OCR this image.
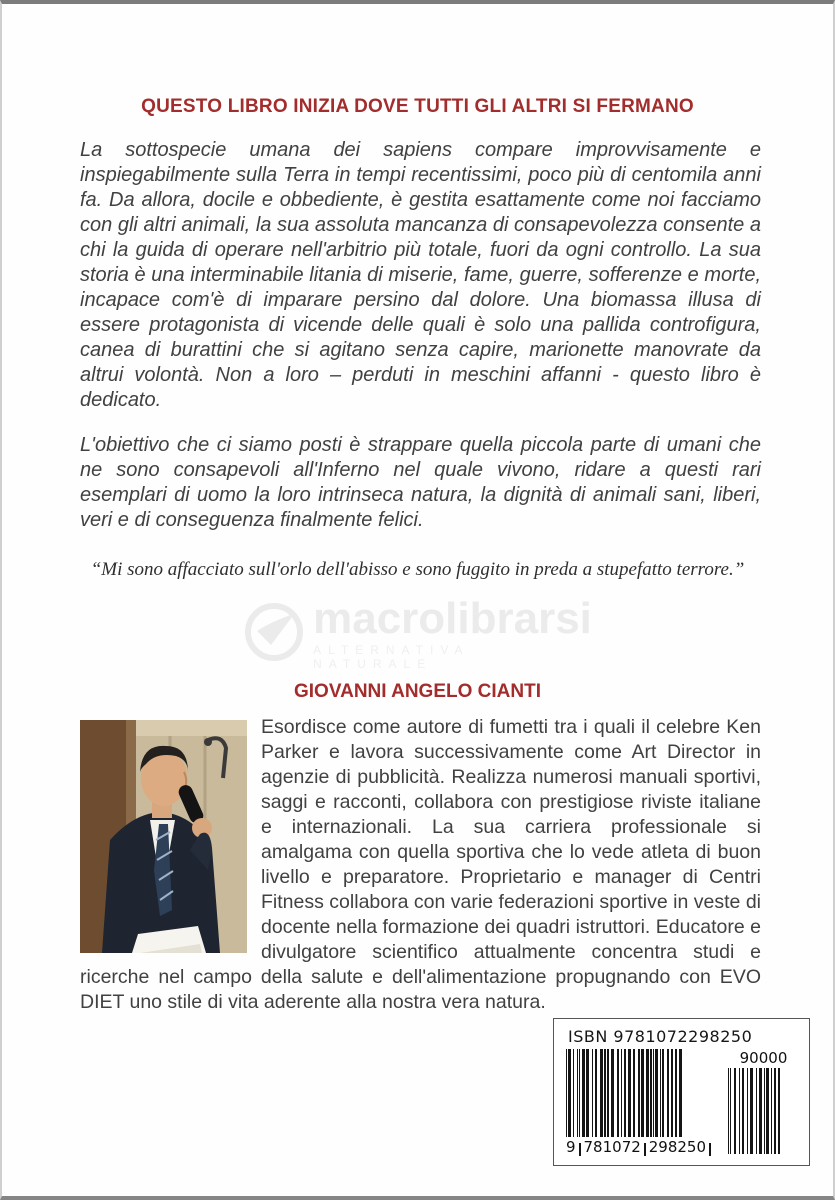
QUESTO LIBRO INIZIA DOVE TUTTI GLI ALTRI SI FERMANO

La sottospecie umana dei sapiens compare improvvisamente e inspiegabilmente sulla Terra in tempi recentissimi, poco più di centomila anni fa. Da allora, docile e obbediente, è gestita esattamente come noi facciamo con gli altri animali, la sua assoluta mancanza di consapevolezza consente a chi la guida di operare nell'arbitrio più totale, fuori da ogni controllo. La sua storia è una interminabile litania di miserie, fame, guerre, sofferenze e morte, incapace com'è di imparare persino dal dolore. Una biomassa illusa di essere protagonista di vicende delle quali è solo una pallida controfigura, canea di burattini che si agitano senza capire, marionette manovrate da altrui volontà. Non a loro – perduti in meschini affanni - questo libro è dedicato.

L'obiettivo che ci siamo posti è strappare quella piccola parte di umani che ne sono consapevoli all'Inferno nel quale vivono, ridare a questi rari esemplari di uomo la loro intrinseca natura, la dignità di animali sani, liberi, veri e di conseguenza finalmente felici.

“Mi sono affacciato sull'orlo dell'abisso e sono fuggito in preda a stupefatto terrore.”

macrolibrarsi
ALTERNATIVA NATURALE
GIOVANNI ANGELO CIANTI
Esordisce come autore di fumetti tra i quali il celebre Ken Parker e lavora successivamente come Art Director in agenzie di pubblicità. Realizza numerosi manuali sportivi, saggi e racconti, collabora con prestigiose riviste italiane e internazionali. La sua carriera professionale si amalgama con quella sportiva che lo vede atleta di buon livello e preparatore. Proprietario e manager di Centri Fitness collabora con varie federazioni sportive in veste di docente nella formazione dei quadri istruttori. Educatore e divulgatore scientifico attualmente concentra studi e ricerche nel campo della salute e dell'alimentazione propugnando con EVO DIET uno stile di vita aderente alla nostra vera natura.
ISBN 9781072298250
9 781072 298250
90000
